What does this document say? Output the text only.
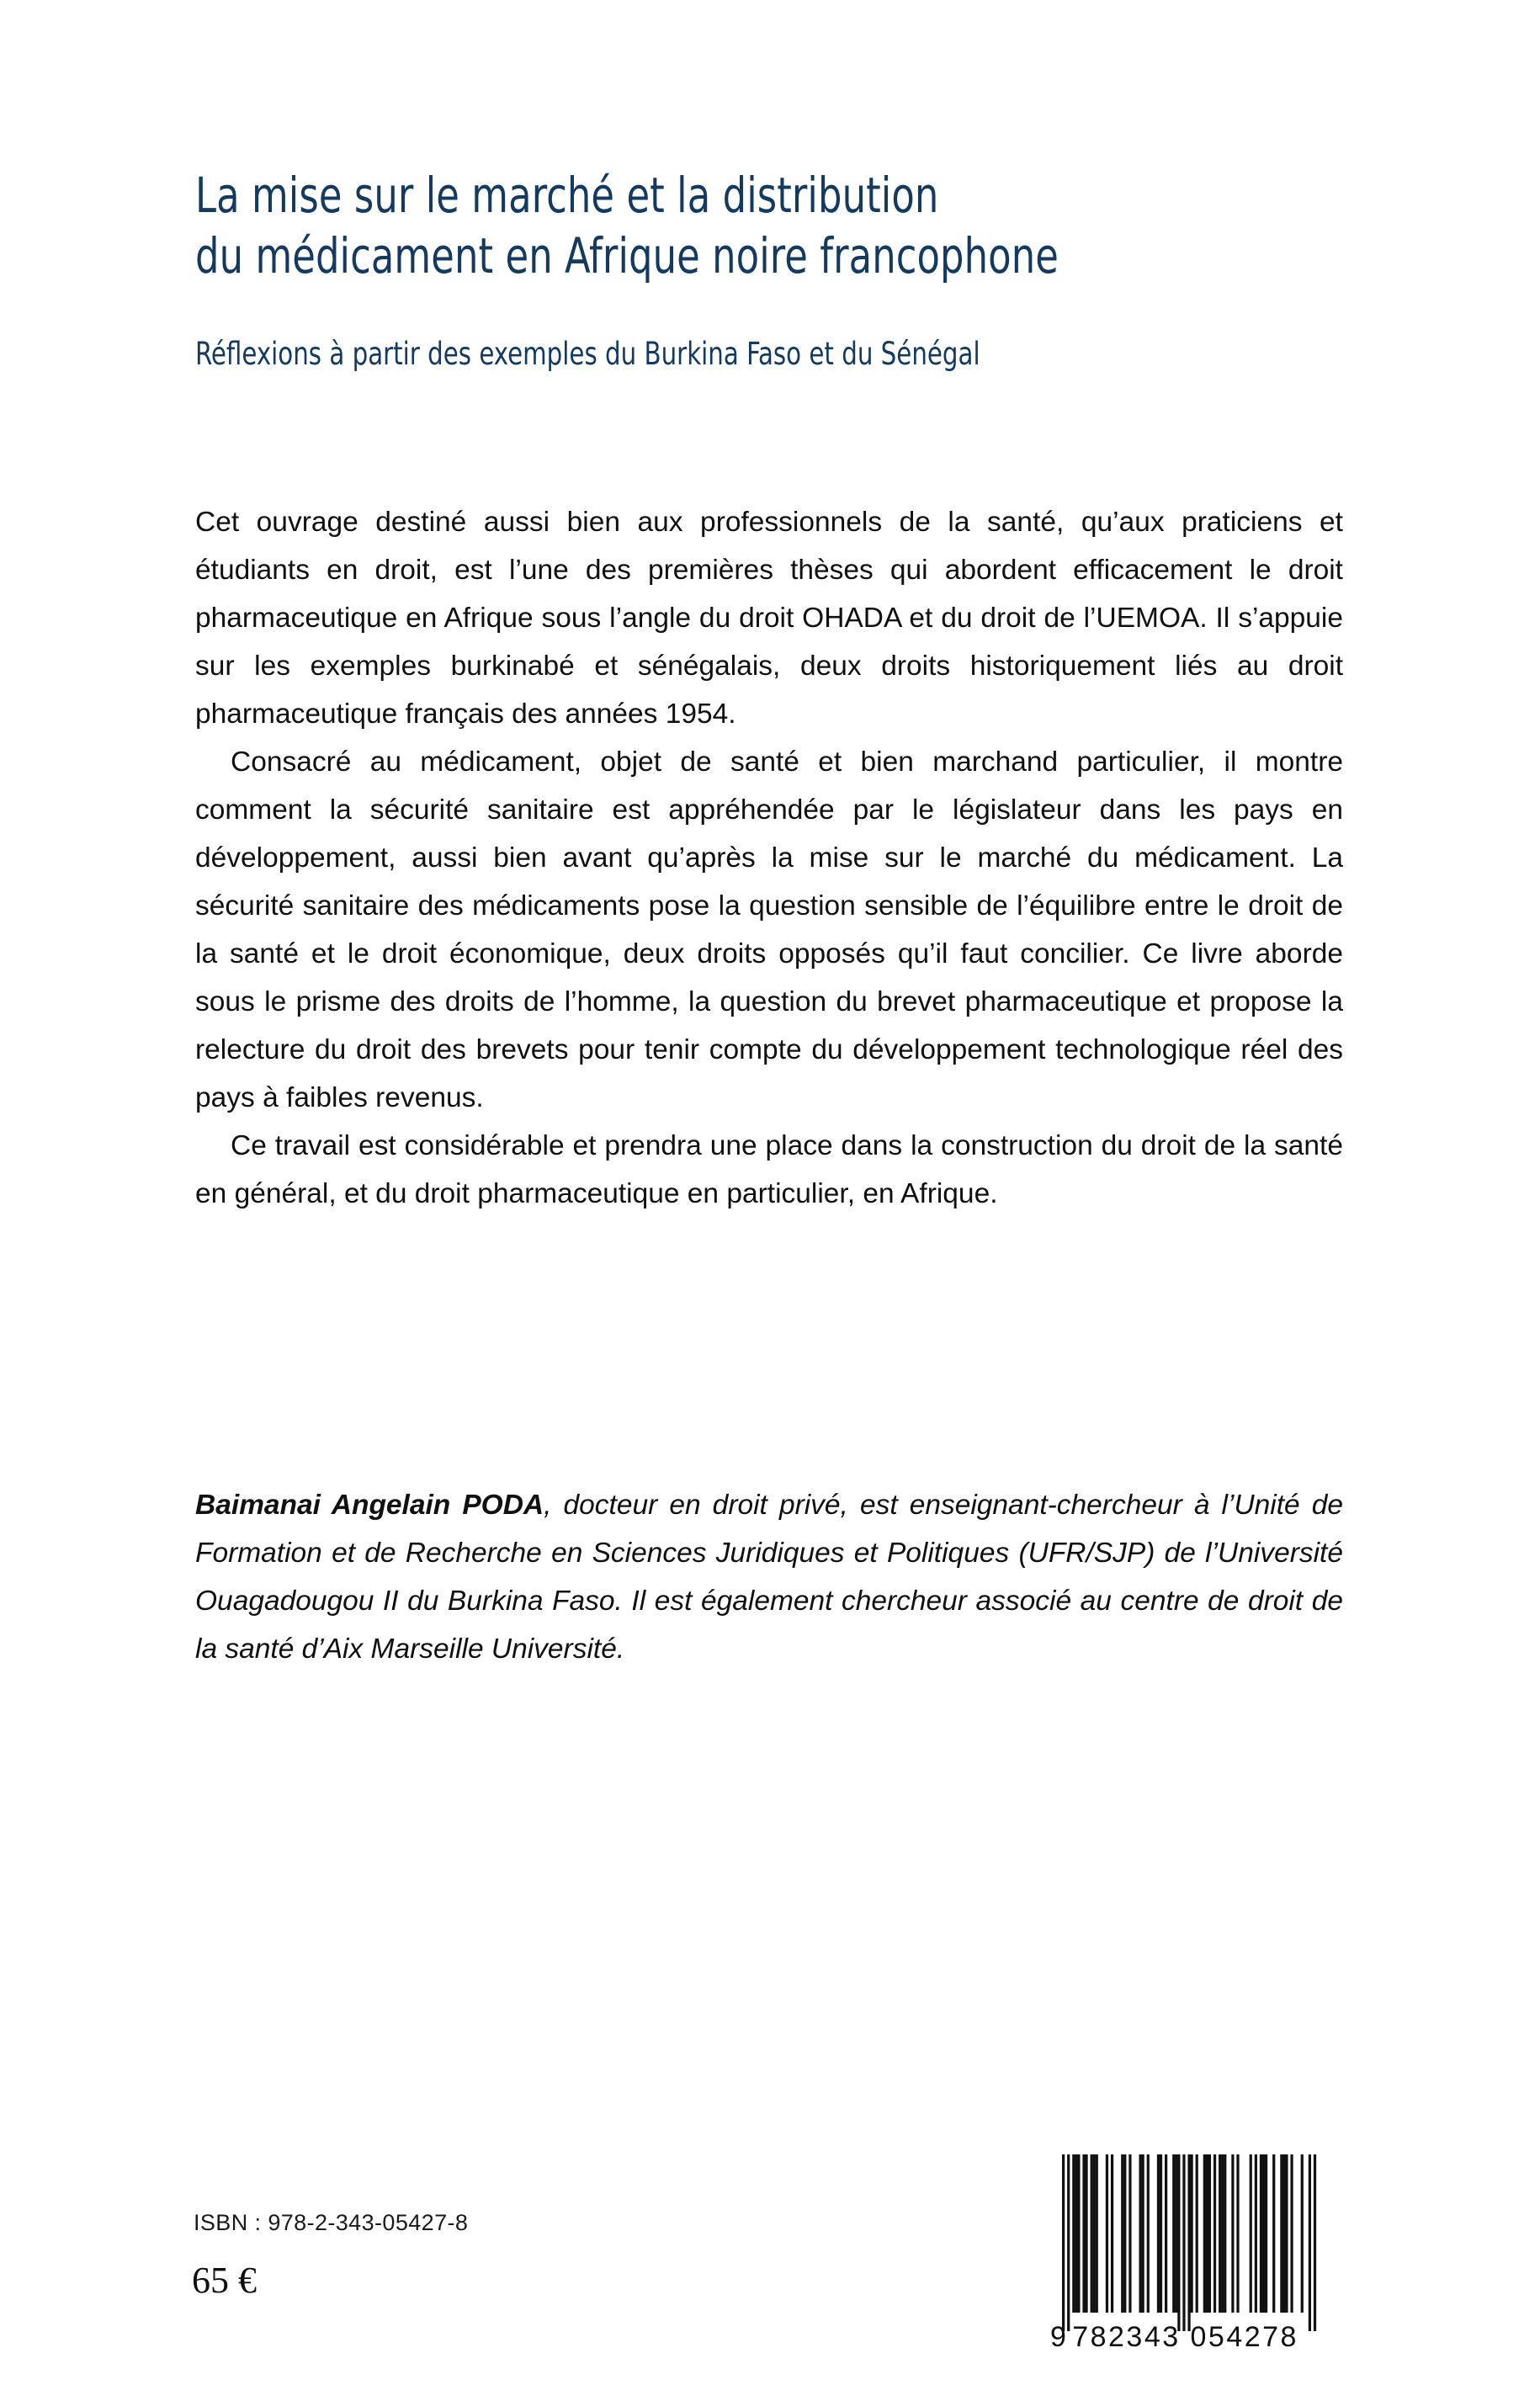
La mise sur le marché et la distribution
du médicament en Afrique noire francophone
Réflexions à partir des exemples du Burkina Faso et du Sénégal

Cet ouvrage destiné aussi bien aux professionnels de la santé, qu’aux praticiens et étudiants en droit, est l’une des premières thèses qui abordent efficacement le droit pharmaceutique en Afrique sous l’angle du droit OHADA et du droit de l’UEMOA. Il s’appuie sur les exemples burkinabé et sénégalais, deux droits historiquement liés au droit pharmaceutique français des années 1954.

Consacré au médicament, objet de santé et bien marchand particulier, il montre comment la sécurité sanitaire est appréhendée par le législateur dans les pays en développement, aussi bien avant qu’après la mise sur le marché du médicament. La sécurité sanitaire des médicaments pose la question sensible de l’équilibre entre le droit de la santé et le droit économique, deux droits opposés qu’il faut concilier. Ce livre aborde sous le prisme des droits de l’homme, la question du brevet pharmaceutique et propose la relecture du droit des brevets pour tenir compte du développement technologique réel des pays à faibles revenus.

Ce travail est considérable et prendra une place dans la construction du droit de la santé en général, et du droit pharmaceutique en particulier, en Afrique.

Baimanai Angelain PODA, docteur en droit privé, est enseignant-chercheur à l’Unité de Formation et de Recherche en Sciences Juridiques et Politiques (UFR/SJP) de l’Université Ouagadougou II du Burkina Faso. Il est également chercheur associé au centre de droit de la santé d’Aix Marseille Université.

ISBN : 978-2-343-05427-8
65 €
9 782343 054278
